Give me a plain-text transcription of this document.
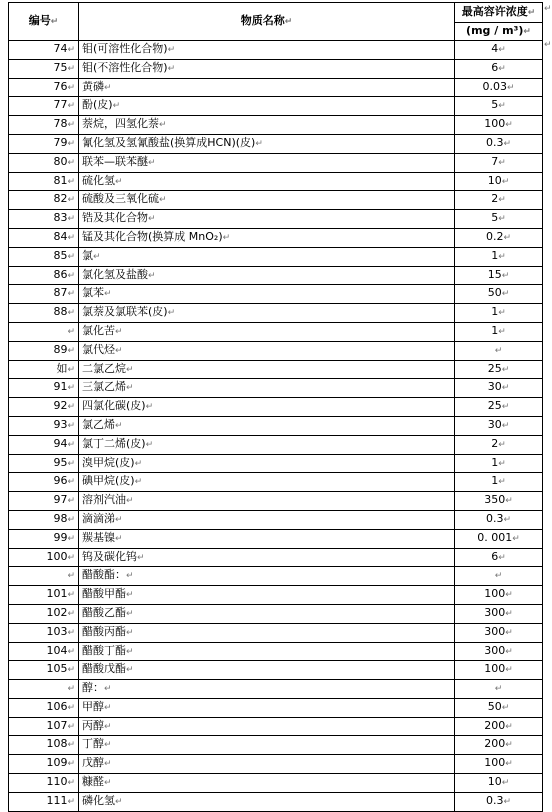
编号↵	物质名称↵	最高容许浓度↵
		(mg / m³)↵
74↵	钼(可溶性化合物)↵	4↵
75↵	钼(不溶性化合物)↵	6↵
76↵	黄磷↵	0.03↵
77↵	酚(皮)↵	5↵
78↵	萘烷，四氢化萘↵	100↵
79↵	氰化氢及氢氰酸盐(换算成HCN)(皮)↵	0.3↵
80↵	联苯—联苯醚↵	7↵
81↵	硫化氢↵	10↵
82↵	硫酸及三氧化硫↵	2↵
83↵	锆及其化合物↵	5↵
84↵	锰及其化合物(换算成 MnO₂)↵	0.2↵
85↵	氯↵	1↵
86↵	氯化氢及盐酸↵	15↵
87↵	氯苯↵	50↵
88↵	氯萘及氯联苯(皮)↵	1↵
↵	氯化苦↵	1↵
89↵	氯代烃↵	↵
如↵	二氯乙烷↵	25↵
91↵	三氯乙烯↵	30↵
92↵	四氯化碳(皮)↵	25↵
93↵	氯乙烯↵	30↵
94↵	氯丁二烯(皮)↵	2↵
95↵	溴甲烷(皮)↵	1↵
96↵	碘甲烷(皮)↵	1↵
97↵	溶剂汽油↵	350↵
98↵	滴滴涕↵	0.3↵
99↵	羰基镍↵	0. 001↵
100↵	钨及碳化钨↵	6↵
↵	醋酸酯：↵	↵
101↵	醋酸甲酯↵	100↵
102↵	醋酸乙酯↵	300↵
103↵	醋酸丙酯↵	300↵
104↵	醋酸丁酯↵	300↵
105↵	醋酸戊酯↵	100↵
↵	醇：↵	↵
106↵	甲醇↵	50↵
107↵	丙醇↵	200↵
108↵	丁醇↵	200↵
109↵	戊醇↵	100↵
110↵	糠醛↵	10↵
111↵	磷化氢↵	0.3↵
↵
↵
